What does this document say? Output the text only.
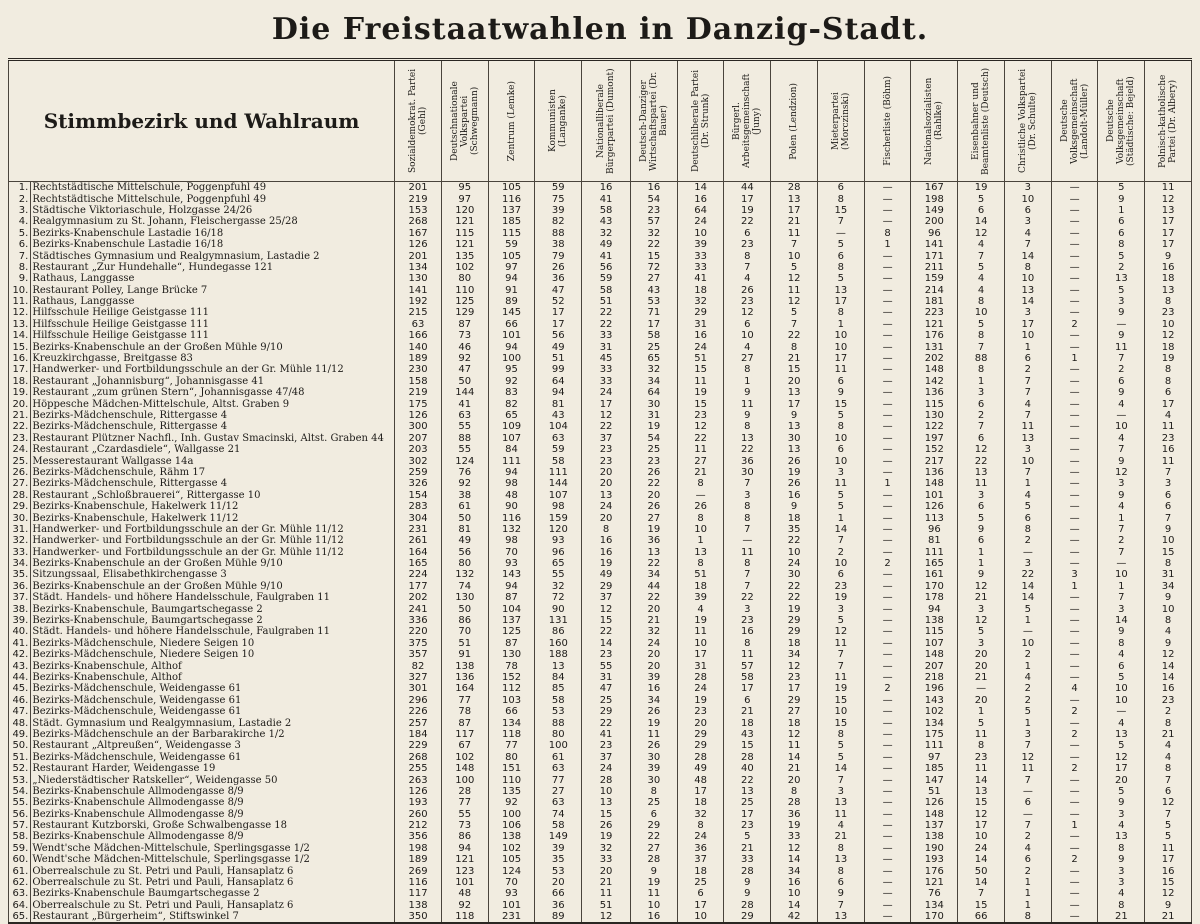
Die Freistaatwahlen in Danzig-Stadt.
Stimmbezirk und Wahlraum		Sozialdemokrat. Partei (Gehl)	Deutschnationale Volkspartei (Schwegmann)	Zentrum (Lemke)	Kommunisten (Langanke)	Nationalliberale Bürgerpartei (Dumont)	Deutsch-Danziger Wirtschaftspartei (Dr. Bauer)	Deutschliberale Partei (Dr. Strunk)	Bürgerl. Arbeitsgemeinschaft (Juny)	Polen (Lendzion)	Mieterpartei (Morczinski)	Fischerliste (Böhm)	Nationalsozialisten (Rahlke)	Eisenbahner und Beamtenliste (Deutsch)	Christliche Volkspartei (Dr. Schulte)	Deutsche Volksgemeinschaft (Landolt-Müller)	Deutsche Volksgemeinschaft (Städtische: Bejeld)	Polnisch-katholische Partei (Dr. Albery)

1.	Rechtstädtische Mittelschule, Poggenpfuhl 49	201	95	105	59	16	16	14	44	28	6	—	167	19	3	—	5	11
2.	Rechtstädtische Mittelschule, Poggenpfuhl 49	219	97	116	75	41	54	16	17	13	8	—	198	5	10	—	9	12
3.	Städtische Viktoriaschule, Holzgasse 24/26	153	120	137	39	58	23	64	19	17	15	—	149	6	6	—	1	13
4.	Realgymnasium zu St. Johann, Fleischergasse 25/28	268	121	185	82	43	57	24	22	21	7	—	200	14	3	—	6	17
5.	Bezirks-Knabenschule Lastadie 16/18	167	115	115	88	32	32	10	6	11	—	8	96	12	4	—	6	17
6.	Bezirks-Knabenschule Lastadie 16/18	126	121	59	38	49	22	39	23	7	5	1	141	4	7	—	8	17
7.	Städtisches Gymnasium und Realgymnasium, Lastadie 2	201	135	105	79	41	15	33	8	10	6	—	171	7	14	—	5	9
8.	Restaurant „Zur Hundehalle“, Hundegasse 121	134	102	97	26	56	72	33	7	5	8	—	211	5	8	—	2	16
9.	Rathaus, Langgasse	130	80	94	36	59	27	41	4	12	5	—	159	4	10	—	13	18
10.	Restaurant Polley, Lange Brücke 7	141	110	91	47	58	43	18	26	11	13	—	214	4	13	—	5	13
11.	Rathaus, Langgasse	192	125	89	52	51	53	32	23	12	17	—	181	8	14	—	3	8
12.	Hilfsschule Heilige Geistgasse 111	215	129	145	17	22	71	29	12	5	8	—	223	10	3	—	9	23
13.	Hilfsschule Heilige Geistgasse 111	63	87	66	17	22	17	31	6	7	1	—	121	5	17	2	—	10
14.	Hilfsschule Heilige Geistgasse 111	166	73	101	56	33	58	16	10	22	10	—	176	8	10	—	9	12
15.	Bezirks-Knabenschule an der Großen Mühle 9/10	140	46	94	49	31	25	24	4	8	10	—	131	7	1	—	11	18
16.	Kreuzkirchgasse, Breitgasse 83	189	92	100	51	45	65	51	27	21	17	—	202	88	6	1	7	19
17.	Handwerker- und Fortbildungsschule an der Gr. Mühle 11/12	230	47	95	99	33	32	15	8	15	11	—	148	8	2	—	2	8
18.	Restaurant „Johannisburg“, Johannisgasse 41	158	50	92	64	33	34	11	1	20	6	—	142	1	7	—	6	8
19.	Restaurant „zum grünen Stern“, Johannisgasse 47/48	219	144	83	94	24	64	19	9	13	9	—	136	3	7	—	9	6
20.	Höppesche Mädchen-Mittelschule, Altst. Graben 9	175	41	82	81	17	30	15	11	17	15	—	115	6	4	—	4	17
21.	Bezirks-Mädchenschule, Rittergasse 4	126	63	65	43	12	31	23	9	9	5	—	130	2	7	—	—	4
22.	Bezirks-Mädchenschule, Rittergasse 4	300	55	109	104	22	19	12	8	13	8	—	122	7	11	—	10	11
23.	Restaurant Plützner Nachfl., Inh. Gustav Smacinski, Altst. Graben 44	207	88	107	63	37	54	22	13	30	10	—	197	6	13	—	4	23
24.	Restaurant „Czardasdiele“, Wallgasse 21	203	55	84	59	23	25	11	22	13	6	—	152	12	3	—	7	16
25.	Messerestaurant Wallgasse 14a	302	124	111	58	23	23	27	36	26	10	—	217	22	10	—	9	11
26.	Bezirks-Mädchenschule, Rähm 17	259	76	94	111	20	26	21	30	19	3	—	136	13	7	—	12	7
27.	Bezirks-Mädchenschule, Rittergasse 4	326	92	98	144	20	22	8	7	26	11	1	148	11	1	—	3	3
28.	Restaurant „Schloßbrauerei“, Rittergasse 10	154	38	48	107	13	20	—	3	16	5	—	101	3	4	—	9	6
29.	Bezirks-Knabenschule, Hakelwerk 11/12	283	61	90	98	24	26	26	8	9	5	—	126	6	5	—	4	6
30.	Bezirks-Knabenschule, Hakelwerk 11/12	304	50	116	159	20	27	8	8	18	1	—	113	5	6	—	1	7
31.	Handwerker- und Fortbildungsschule an der Gr. Mühle 11/12	231	81	132	120	8	19	10	7	35	14	—	96	9	8	—	7	9
32.	Handwerker- und Fortbildungsschule an der Gr. Mühle 11/12	261	49	98	93	16	36	1	—	22	7	—	81	6	2	—	2	10
33.	Handwerker- und Fortbildungsschule an der Gr. Mühle 11/12	164	56	70	96	16	13	13	11	10	2	—	111	1	—	—	7	15
34.	Bezirks-Knabenschule an der Großen Mühle 9/10	165	80	93	65	19	22	8	8	24	10	2	165	1	3	—	—	8
35.	Sitzungssaal, Elisabethkirchengasse 3	224	132	143	55	49	34	51	7	30	6	—	161	9	22	3	10	31
36.	Bezirks-Knabenschule an der Großen Mühle 9/10	177	74	94	32	29	44	18	7	22	23	—	170	12	14	1	1	34
37.	Städt. Handels- und höhere Handelsschule, Faulgraben 11	202	130	87	72	37	22	39	22	22	19	—	178	21	14	—	7	9
38.	Bezirks-Knabenschule, Baumgartschegasse 2	241	50	104	90	12	20	4	3	19	3	—	94	3	5	—	3	10
39.	Bezirks-Knabenschule, Baumgartschegasse 2	336	86	137	131	15	21	19	23	29	5	—	138	12	1	—	14	8
40.	Städt. Handels- und höhere Handelsschule, Faulgraben 11	220	70	125	86	22	32	11	16	29	12	—	115	5	—	—	9	4
41.	Bezirks-Mädchenschule, Niedere Seigen 10	375	51	87	160	14	24	10	8	18	11	—	107	3	10	—	8	9
42.	Bezirks-Mädchenschule, Niedere Seigen 10	357	91	130	188	23	20	17	11	34	7	—	148	20	2	—	4	12
43.	Bezirks-Knabenschule, Althof	82	138	78	13	55	20	31	57	12	7	—	207	20	1	—	6	14
44.	Bezirks-Knabenschule, Althof	327	136	152	84	31	39	28	58	23	11	—	218	21	4	—	5	14
45.	Bezirks-Mädchenschule, Weidengasse 61	301	164	112	85	47	16	24	17	17	19	2	196	—	2	4	10	16
46.	Bezirks-Mädchenschule, Weidengasse 61	296	77	103	58	25	34	19	6	29	15	—	143	20	2	—	10	23
47.	Bezirks-Mädchenschule, Weidengasse 61	226	78	66	53	29	26	23	21	27	10	—	102	1	5	2	—	2
48.	Städt. Gymnasium und Realgymnasium, Lastadie 2	257	87	134	88	22	19	20	18	18	15	—	134	5	1	—	4	8
49.	Bezirks-Mädchenschule an der Barbarakirche 1/2	184	117	118	80	41	11	29	43	12	8	—	175	11	3	2	13	21
50.	Restaurant „Altpreußen“, Weidengasse 3	229	67	77	100	23	26	29	15	11	5	—	111	8	7	—	5	4
51.	Bezirks-Mädchenschule, Weidengasse 61	268	102	80	61	37	30	28	28	14	5	—	97	23	12	—	12	4
52.	Restaurant Harder, Weidengasse 19	255	148	151	63	24	39	49	40	21	14	—	185	11	11	2	17	8
53.	„Niederstädtischer Ratskeller“, Weidengasse 50	263	100	110	77	28	30	48	22	20	7	—	147	14	7	—	20	7
54.	Bezirks-Knabenschule Allmodengasse 8/9	126	28	135	27	10	8	17	13	8	3	—	51	13	—	—	5	6
55.	Bezirks-Knabenschule Allmodengasse 8/9	193	77	92	63	13	25	18	25	28	13	—	126	15	6	—	9	12
56.	Bezirks-Knabenschule Allmodengasse 8/9	260	55	100	74	15	6	32	17	36	11	—	148	12	—	—	3	7
57.	Restaurant Kutzborski, Große Schwalbengasse 18	212	73	106	58	26	29	8	23	19	4	—	137	17	7	1	4	5
58.	Bezirks-Knabenschule Allmodengasse 8/9	356	86	138	149	19	22	24	5	33	21	—	138	10	2	—	13	5
59.	Wendt'sche Mädchen-Mittelschule, Sperlingsgasse 1/2	198	94	102	39	32	27	36	21	12	8	—	190	24	4	—	8	11
60.	Wendt'sche Mädchen-Mittelschule, Sperlingsgasse 1/2	189	121	105	35	33	28	37	33	14	13	—	193	14	6	2	9	17
61.	Oberrealschule zu St. Petri und Pauli, Hansaplatz 6	269	123	124	53	20	9	18	28	34	8	—	176	50	2	—	3	16
62.	Oberrealschule zu St. Petri und Pauli, Hansaplatz 6	116	101	70	20	21	19	25	9	16	6	—	121	14	1	—	3	15
63.	Bezirks-Knabenschule Baumgartschegasse 2	117	48	93	66	11	11	6	9	10	9	—	76	7	1	—	4	12
64.	Oberrealschule zu St. Petri und Pauli, Hansaplatz 6	138	92	101	36	51	10	17	28	14	7	—	134	15	1	—	8	9
65.	Restaurant „Bürgerheim“, Stiftswinkel 7	350	118	231	89	12	16	10	29	42	13	—	170	66	8	—	21	21
